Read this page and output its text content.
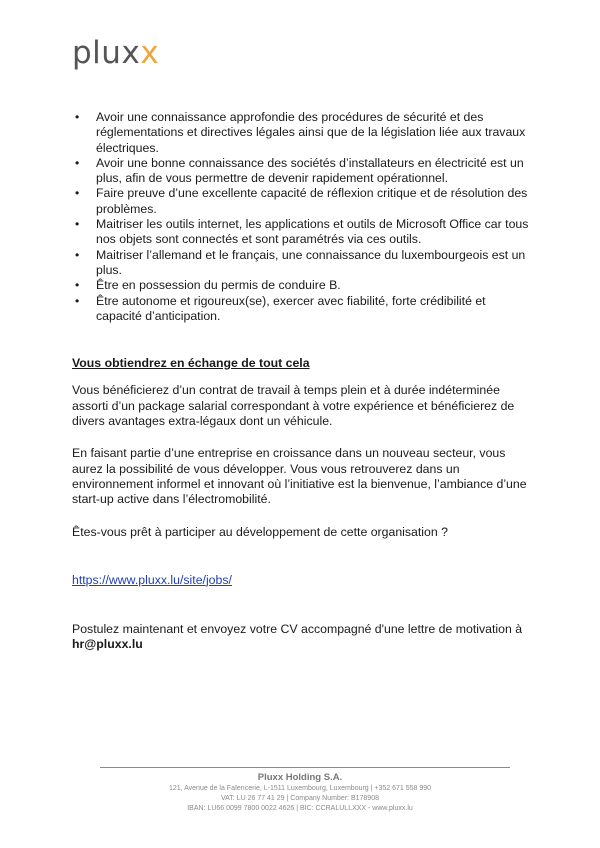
pluxx
• Avoir une connaissance approfondie des procédures de sécurité et des réglementations et directives légales ainsi que de la législation liée aux travaux électriques.
• Avoir une bonne connaissance des sociétés d’installateurs en électricité est un plus, afin de vous permettre de devenir rapidement opérationnel.
• Faire preuve d’une excellente capacité de réflexion critique et de résolution des problèmes.
• Maitriser les outils internet, les applications et outils de Microsoft Office car tous nos objets sont connectés et sont paramétrés via ces outils.
• Maitriser l’allemand et le français, une connaissance du luxembourgeois est un plus.
• Être en possession du permis de conduire B.
• Être autonome et rigoureux(se), exercer avec fiabilité, forte crédibilité et capacité d’anticipation.
Vous obtiendrez en échange de tout cela

Vous bénéficierez d’un contrat de travail à temps plein et à durée indéterminée assorti d’un package salarial correspondant à votre expérience et bénéficierez de divers avantages extra-légaux dont un véhicule.

En faisant partie d’une entreprise en croissance dans un nouveau secteur, vous aurez la possibilité de vous développer. Vous vous retrouverez dans un environnement informel et innovant où l’initiative est la bienvenue, l’ambiance d’une start-up active dans l’électromobilité.

Êtes-vous prêt à participer au développement de cette organisation ?

https://www.pluxx.lu/site/jobs/

Postulez maintenant et envoyez votre CV accompagné d'une lettre de motivation à
hr@pluxx.lu

Pluxx Holding S.A.
121, Avenue de la Faïencerie, L-1511 Luxembourg, Luxembourg | +352 671 558 990
VAT: LU 26 77 41 29 | Company Number: B178908
IBAN: LU66 0099 7800 0022 4626 | BIC: CCRALULLXXX - www.pluxx.lu
